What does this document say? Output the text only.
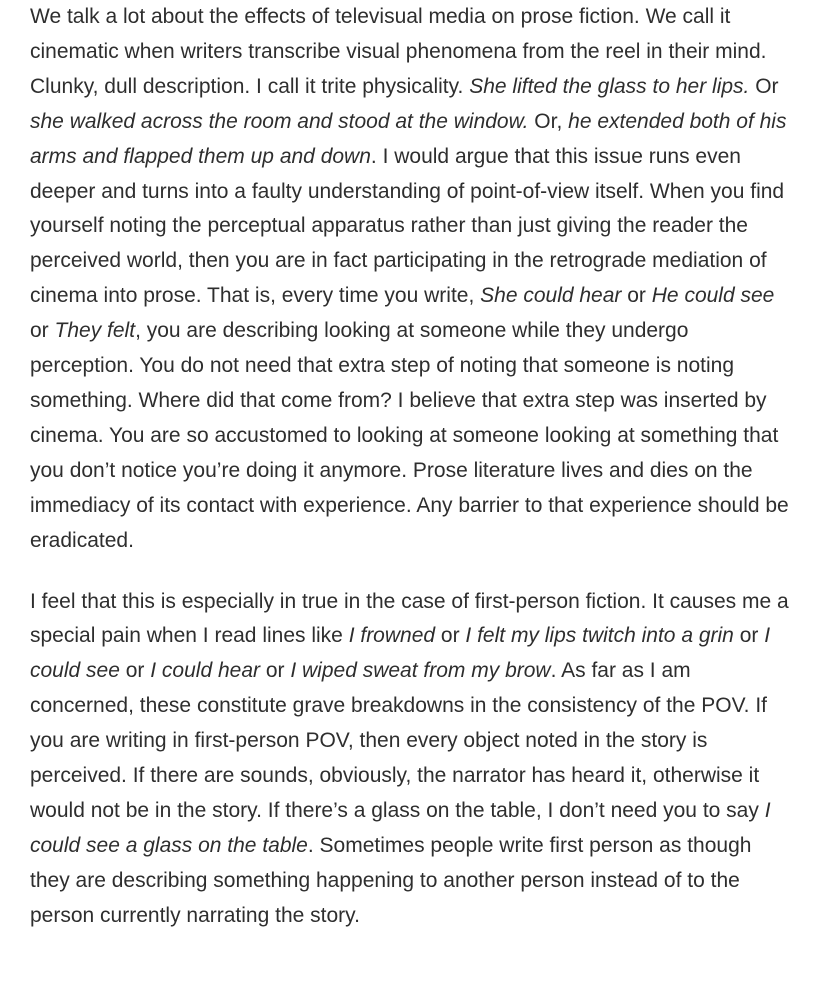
We talk a lot about the effects of televisual media on prose fiction. We call it cinematic when writers transcribe visual phenomena from the reel in their mind. Clunky, dull description. I call it trite physicality. She lifted the glass to her lips. Or she walked across the room and stood at the window. Or, he extended both of his arms and flapped them up and down. I would argue that this issue runs even deeper and turns into a faulty understanding of point-of-view itself. When you find yourself noting the perceptual apparatus rather than just giving the reader the perceived world, then you are in fact participating in the retrograde mediation of cinema into prose. That is, every time you write, She could hear or He could see or They felt, you are describing looking at someone while they undergo perception. You do not need that extra step of noting that someone is noting something. Where did that come from? I believe that extra step was inserted by cinema. You are so accustomed to looking at someone looking at something that you don’t notice you’re doing it anymore. Prose literature lives and dies on the immediacy of its contact with experience. Any barrier to that experience should be eradicated.

I feel that this is especially in true in the case of first-person fiction. It causes me a special pain when I read lines like I frowned or I felt my lips twitch into a grin or I could see or I could hear or I wiped sweat from my brow. As far as I am concerned, these constitute grave breakdowns in the consistency of the POV. If you are writing in first-person POV, then every object noted in the story is perceived. If there are sounds, obviously, the narrator has heard it, otherwise it would not be in the story. If there’s a glass on the table, I don’t need you to say I could see a glass on the table. Sometimes people write first person as though they are describing something happening to another person instead of to the person currently narrating the story.
